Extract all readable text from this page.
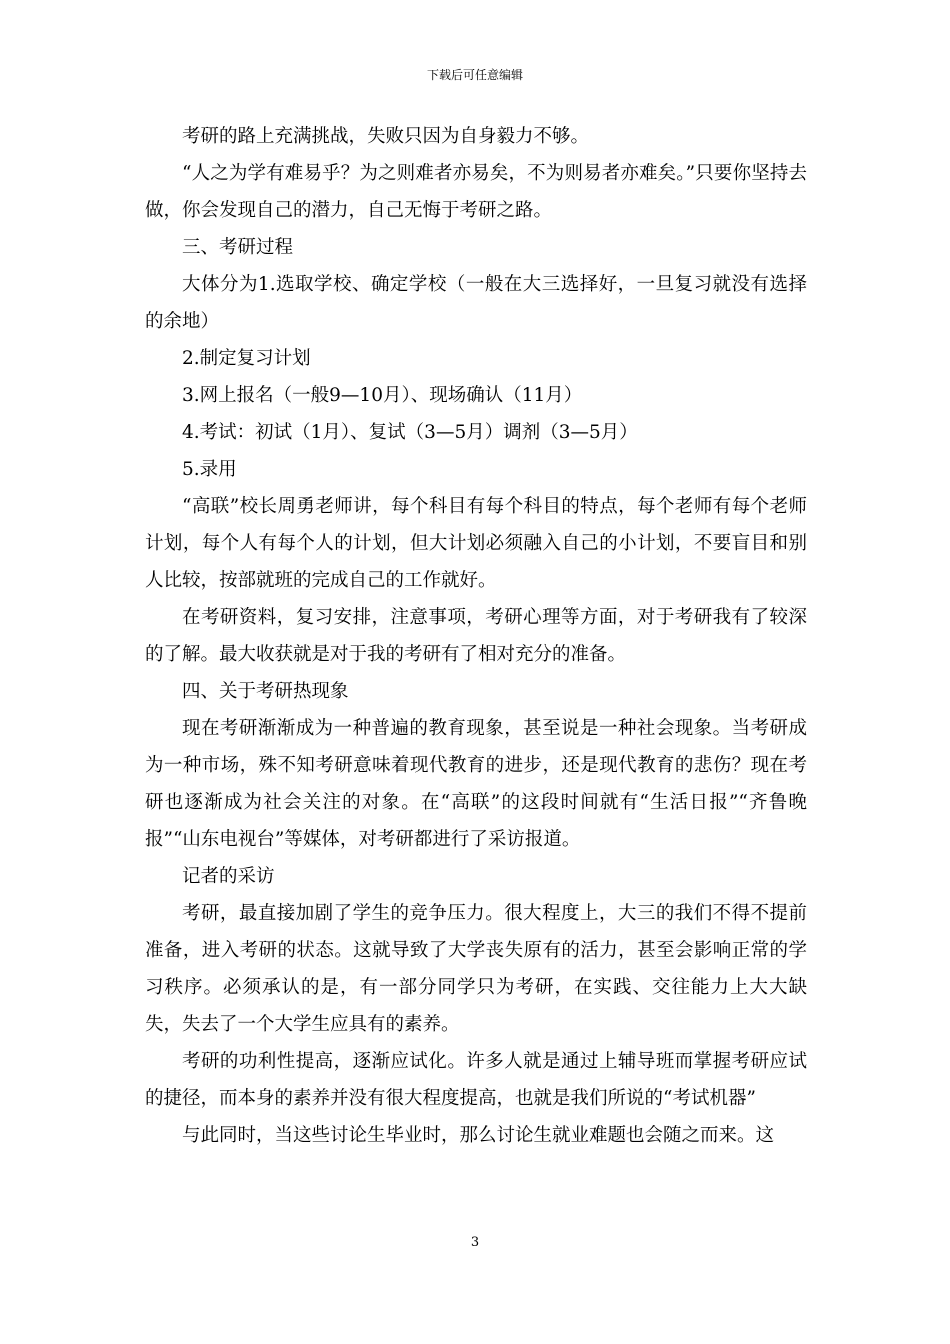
下载后可任意编辑

考研的路上充满挑战，失败只因为自身毅力不够。

“人之为学有难易乎？为之则难者亦易矣，不为则易者亦难矣。”只要你坚持去做，你会发现自己的潜力，自己无悔于考研之路。

三、考研过程

大体分为1.选取学校、确定学校（一般在大三选择好，一旦复习就没有选择的余地）

2.制定复习计划

3.网上报名（一般9—10月）、现场确认（11月）

4.考试：初试（1月）、复试（3—5月）调剂（3—5月）

5.录用

“高联”校长周勇老师讲，每个科目有每个科目的特点，每个老师有每个老师计划，每个人有每个人的计划，但大计划必须融入自己的小计划，不要盲目和别人比较，按部就班的完成自己的工作就好。

在考研资料，复习安排，注意事项，考研心理等方面，对于考研我有了较深的了解。最大收获就是对于我的考研有了相对充分的准备。

四、关于考研热现象

现在考研渐渐成为一种普遍的教育现象，甚至说是一种社会现象。当考研成为一种市场，殊不知考研意味着现代教育的进步，还是现代教育的悲伤？现在考研也逐渐成为社会关注的对象。在“高联”的这段时间就有“生活日报”“齐鲁晚报”“山东电视台”等媒体，对考研都进行了采访报道。

记者的采访

考研，最直接加剧了学生的竞争压力。很大程度上，大三的我们不得不提前准备，进入考研的状态。这就导致了大学丧失原有的活力，甚至会影响正常的学习秩序。必须承认的是，有一部分同学只为考研，在实践、交往能力上大大缺失，失去了一个大学生应具有的素养。

考研的功利性提高，逐渐应试化。许多人就是通过上辅导班而掌握考研应试的捷径，而本身的素养并没有很大程度提高，也就是我们所说的“考试机器”

与此同时，当这些讨论生毕业时，那么讨论生就业难题也会随之而来。这

3
